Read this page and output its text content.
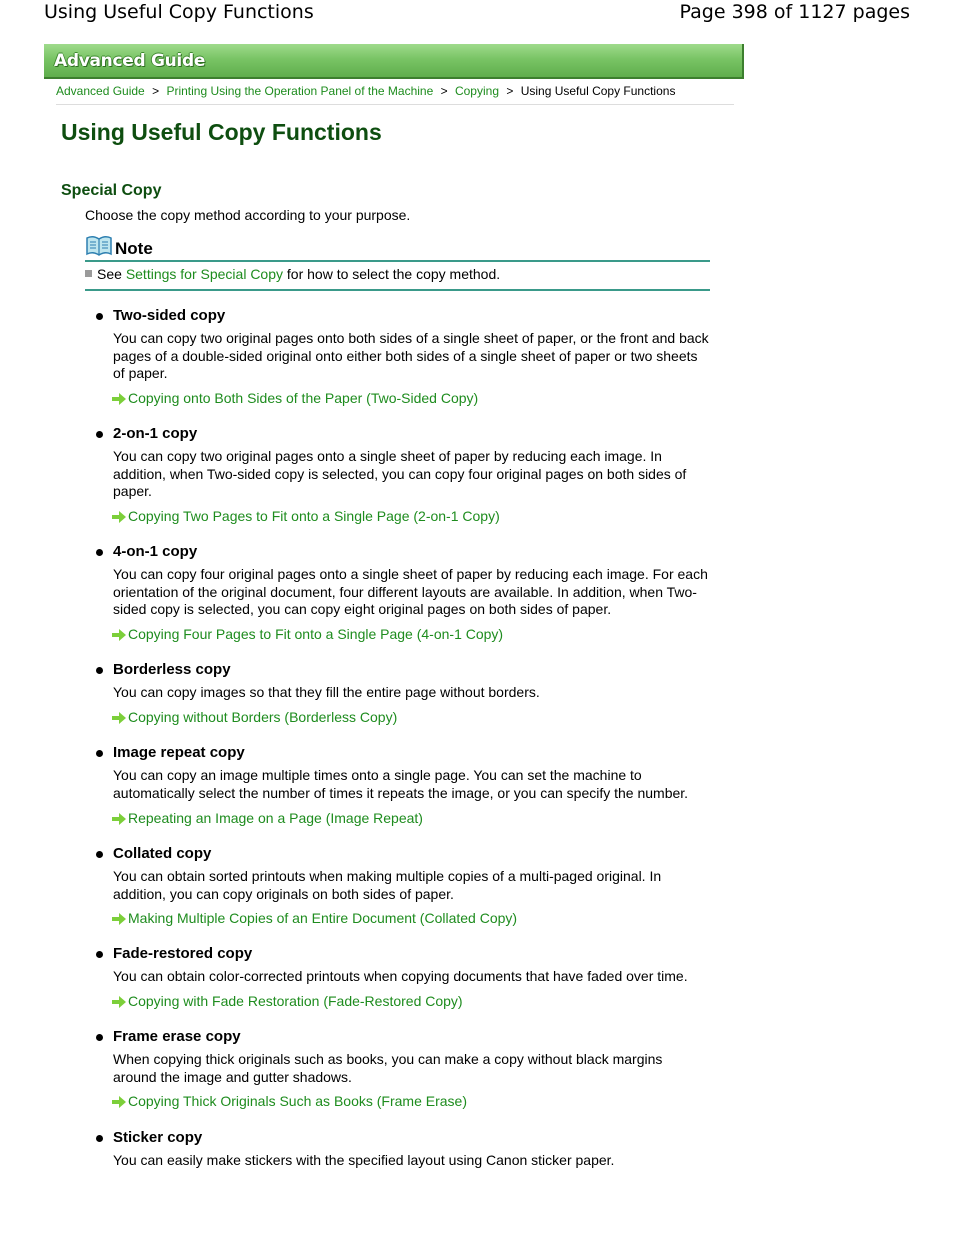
Using Useful Copy Functions	Page 398 of 1127 pages
Advanced Guide
Advanced Guide > Printing Using the Operation Panel of the Machine > Copying > Using Useful Copy Functions
Using Useful Copy Functions
Special Copy
Choose the copy method according to your purpose.
Note
See Settings for Special Copy for how to select the copy method.
Two-sided copy
You can copy two original pages onto both sides of a single sheet of paper, or the front and back pages of a double-sided original onto either both sides of a single sheet of paper or two sheets of paper.
Copying onto Both Sides of the Paper (Two-Sided Copy)
2-on-1 copy
You can copy two original pages onto a single sheet of paper by reducing each image. In addition, when Two-sided copy is selected, you can copy four original pages on both sides of paper.
Copying Two Pages to Fit onto a Single Page (2-on-1 Copy)
4-on-1 copy
You can copy four original pages onto a single sheet of paper by reducing each image. For each orientation of the original document, four different layouts are available. In addition, when Two-sided copy is selected, you can copy eight original pages on both sides of paper.
Copying Four Pages to Fit onto a Single Page (4-on-1 Copy)
Borderless copy
You can copy images so that they fill the entire page without borders.
Copying without Borders (Borderless Copy)
Image repeat copy
You can copy an image multiple times onto a single page. You can set the machine to automatically select the number of times it repeats the image, or you can specify the number.
Repeating an Image on a Page (Image Repeat)
Collated copy
You can obtain sorted printouts when making multiple copies of a multi-paged original. In addition, you can copy originals on both sides of paper.
Making Multiple Copies of an Entire Document (Collated Copy)
Fade-restored copy
You can obtain color-corrected printouts when copying documents that have faded over time.
Copying with Fade Restoration (Fade-Restored Copy)
Frame erase copy
When copying thick originals such as books, you can make a copy without black margins around the image and gutter shadows.
Copying Thick Originals Such as Books (Frame Erase)
Sticker copy
You can easily make stickers with the specified layout using Canon sticker paper.
